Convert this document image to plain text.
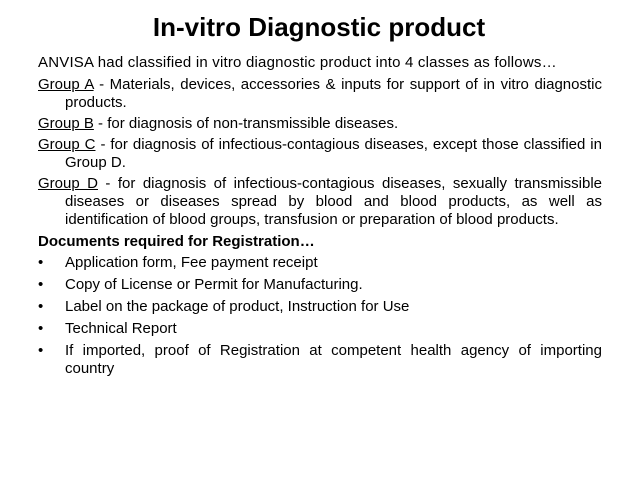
In-vitro Diagnostic product

ANVISA had classified in vitro diagnostic product into 4 classes as follows…

Group A - Materials, devices, accessories & inputs for support of in vitro diagnostic products.

Group B - for diagnosis of non-transmissible diseases.

Group C - for diagnosis of infectious-contagious diseases, except those classified in Group D.

Group D - for diagnosis of infectious-contagious diseases, sexually transmissible diseases or diseases spread by blood and blood products, as well as identification of blood groups, transfusion or preparation of blood products.

Documents required for Registration…
• Application form, Fee payment receipt
• Copy of License or Permit for Manufacturing.
• Label on the package of product, Instruction for Use
• Technical Report
• If imported, proof of Registration at competent health agency of importing country
